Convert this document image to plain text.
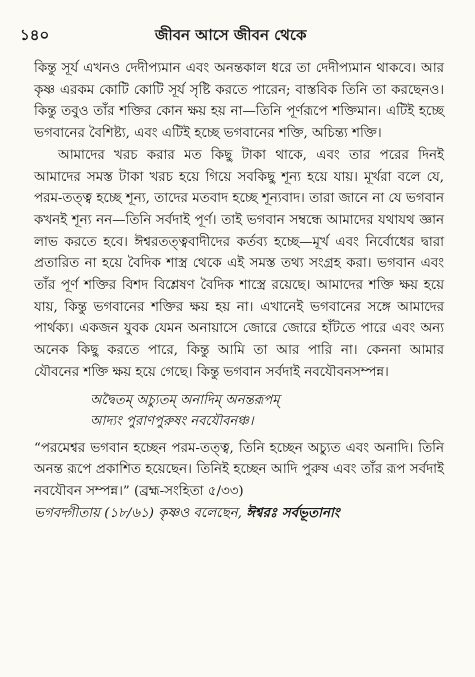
১৪০	জীবন আসে জীবন থেকে

কিন্তু সূর্য এখনও দেদীপ্যমান এবং অনন্তকাল ধরে তা দেদীপ্যমান থাকবে। আর কৃষ্ণ এরকম কোটি কোটি সূর্য সৃষ্টি করতে পারেন; বাস্তবিক তিনি তা করছেনও। কিন্তু তবুও তাঁর শক্তির কোন ক্ষয় হয় না—তিনি পূর্ণরূপে শক্তিমান। এটিই হচ্ছে ভগবানের বৈশিষ্ট্য, এবং এটিই হচ্ছে ভগবানের শক্তি, অচিন্ত্য শক্তি।

আমাদের খরচ করার মত কিছু টাকা থাকে, এবং তার পরের দিনই আমাদের সমস্ত টাকা খরচ হয়ে গিয়ে সবকিছু শূন্য হয়ে যায়। মূর্খরা বলে যে, পরম-তত্ত্ব হচ্ছে শূন্য, তাদের মতবাদ হচ্ছে শূন্যবাদ। তারা জানে না যে ভগবান কখনই শূন্য নন—তিনি সর্বদাই পূর্ণ। তাই ভগবান সম্বন্ধে আমাদের যথাযথ জ্ঞান লাভ করতে হবে। ঈশ্বরতত্ত্ববাদীদের কর্তব্য হচ্ছে—মূর্খ এবং নির্বোধের দ্বারা প্রতারিত না হয়ে বৈদিক শাস্ত্র থেকে এই সমস্ত তথ্য সংগ্রহ করা। ভগবান এবং তাঁর পূর্ণ শক্তির বিশদ বিশ্লেষণ বৈদিক শাস্ত্রে রয়েছে। আমাদের শক্তি ক্ষয় হয়ে যায়, কিন্তু ভগবানের শক্তির ক্ষয় হয় না। এখানেই ভগবানের সঙ্গে আমাদের পার্থক্য। একজন যুবক যেমন অনায়াসে জোরে জোরে হাঁটতে পারে এবং অন্য অনেক কিছু করতে পারে, কিন্তু আমি তা আর পারি না। কেননা আমার যৌবনের শক্তি ক্ষয় হয়ে গেছে। কিন্তু ভগবান সর্বদাই নবযৌবনসম্পন্ন।

অদ্বৈতম্ অচ্যুতম্ অনাদিম্ অনন্তরূপম্
আদ্যং পুরাণপুরুষং নবযৌবনঞ্চ।

“পরমেশ্বর ভগবান হচ্ছেন পরম-তত্ত্ব, তিনি হচ্ছেন অচ্যুত এবং অনাদি। তিনি অনন্ত রূপে প্রকাশিত হয়েছেন। তিনিই হচ্ছেন আদি পুরুষ এবং তাঁর রূপ সর্বদাই নবযৌবন সম্পন্ন।” (ব্রহ্ম-সংহিতা ৫/৩৩)

ভগবদ্গীতায় (১৮/৬১) কৃষ্ণও বলেছেন, ঈশ্বরঃ সর্বভূতানাং
